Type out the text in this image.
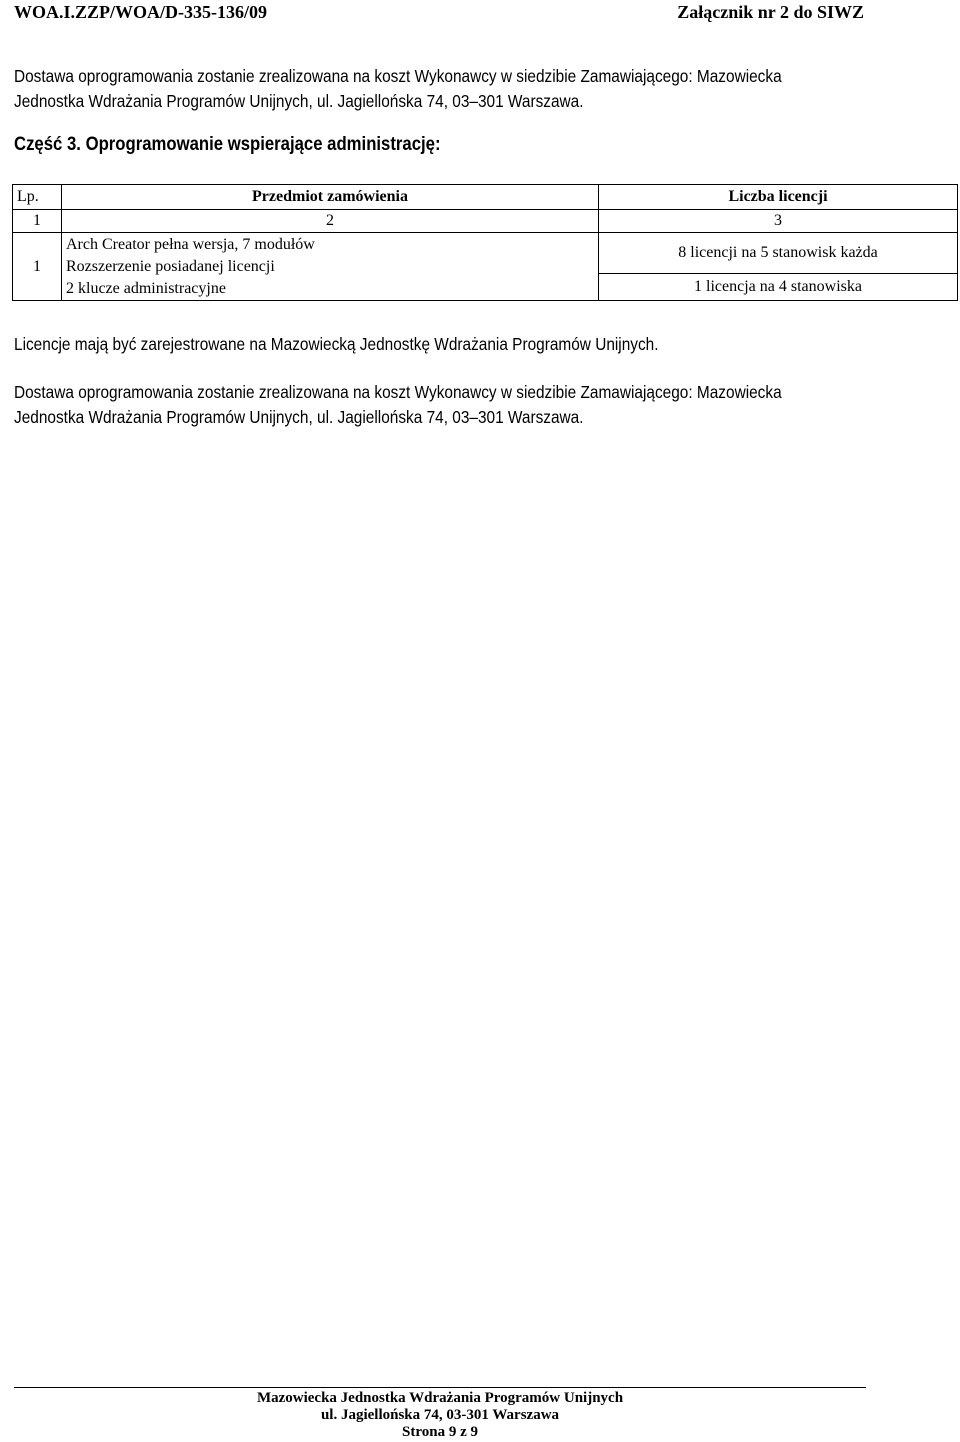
WOA.I.ZZP/WOA/D-335-136/09	Załącznik nr 2 do SIWZ
Dostawa oprogramowania zostanie zrealizowana na koszt Wykonawcy w siedzibie Zamawiającego: Mazowiecka
Jednostka Wdrażania Programów Unijnych, ul. Jagiellońska 74, 03–301 Warszawa.
Część 3. Oprogramowanie wspierające administrację:
Lp.	Przedmiot zamówienia	Liczba licencji
1	2	3
1	Arch Creator pełna wersja, 7 modułów
Rozszerzenie posiadanej licencji
2 klucze administracyjne	8 licencji na 5 stanowisk każda
		1 licencja na 4 stanowiska
Licencje mają być zarejestrowane na Mazowiecką Jednostkę Wdrażania Programów Unijnych.
Dostawa oprogramowania zostanie zrealizowana na koszt Wykonawcy w siedzibie Zamawiającego: Mazowiecka
Jednostka Wdrażania Programów Unijnych, ul. Jagiellońska 74, 03–301 Warszawa.
Mazowiecka Jednostka Wdrażania Programów Unijnych
ul. Jagiellońska 74, 03-301 Warszawa
Strona 9 z 9
